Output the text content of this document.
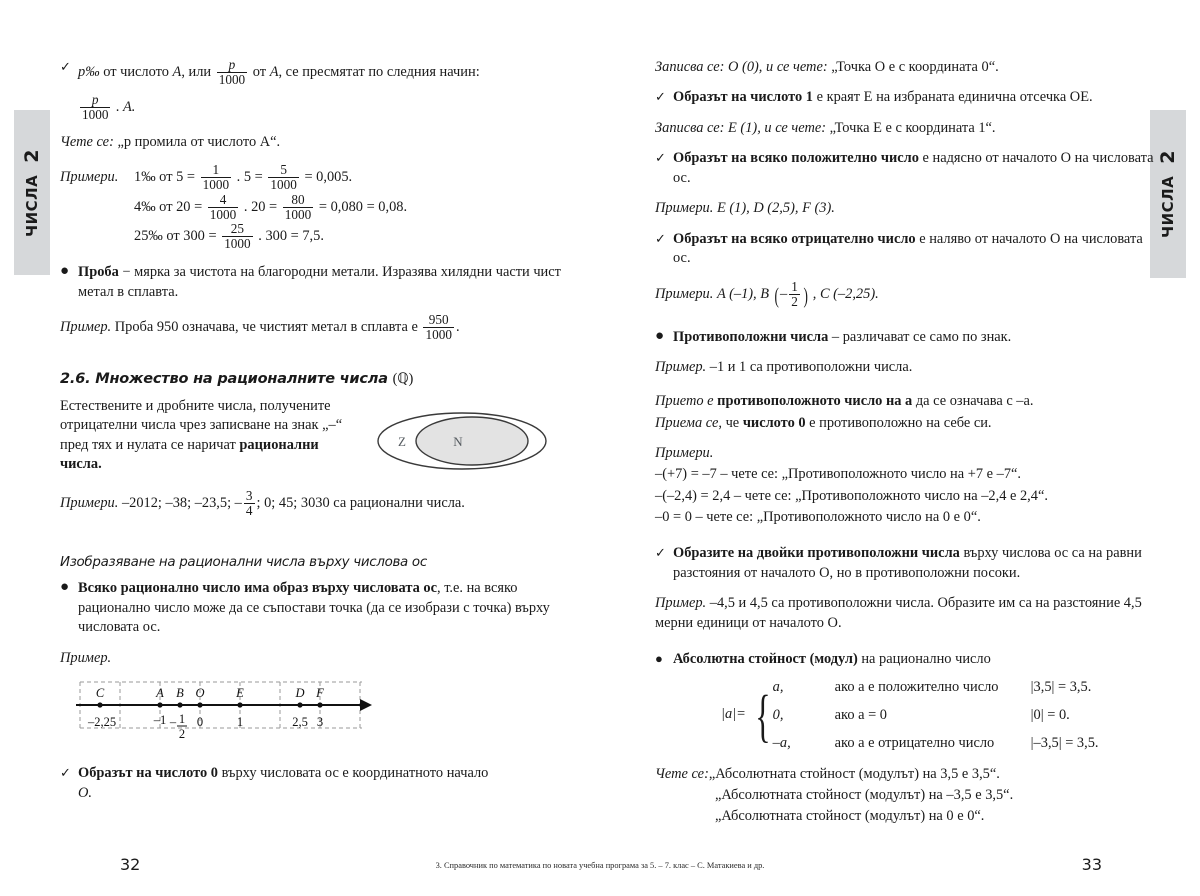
ЧИСЛА
2
ЧИСЛА
2
✓ p‰ от числото A, или $\frac{p}{1000}$ от A, се пресмятат по следния начин:
$\frac{p}{1000}$ . A.
Чете се: „p промила от числото A“.
Примери.	1‰ от $5 = \frac{1}{1000}$ . $5 = \frac{5}{1000} = 0,005$.
4‰ от $20 = \frac{4}{1000}$ . $20 = \frac{80}{1000} = 0,080 = 0,08$.
25‰ от $300 = \frac{25}{1000}$ . 300 = 7,5.
● Проба − мярка за чистота на благородни метали. Изразява хилядни части чист метал в сплавта.
Пример. Проба 950 означава, че чистият метал в сплавта е $\frac{950}{1000}$ .
2.6. Множество на рационалните числа (ℚ)
Естествените и дробните числа, получените отрицателни числа чрез записване на знак „–“ пред тях и нулата се наричат рационални числа.
Z	N
Примери. –2012; –38; –23,5; – $\frac{3}{4}$ ; 0; 45; 3030 са рационални числа.
Изобразяване на рационални числа върху числова ос
● Всяко рационално число има образ върху числовата ос, т.е. на всяко рационално число може да се съпостави точка (да се изобрази с точка) върху числовата ос.
Пример.
C	A B O	E	D F
–2,25	–1 0	1	2,5 3
– 1
2
✓ Образът на числото 0 върху числовата ос е координатното начало
O.
32
Записва се: O (0), и се чете: „Точка O е с координата 0“.
✓ Образът на числото 1 е краят E на избраната единична отсечка OE.
Записва се: E (1), и се чете: „Точка E е с координата 1“.
✓ Образът на всяко положително число е надясно от началото O на числовата ос.
Примери. E (1), D (2,5), F (3).
✓ Образът на всяко отрицателно число е наляво от началото O на числовата ос.
Примери. A (–1), B (– $\frac{1}{2}$ ) , C (–2,25).
● Противоположни числа – различават се само по знак.
Пример. –1 и 1 са противоположни числа.
Прието е противоположното число на a да се означава с –a.
Приема се, че числото 0 е противоположно на себе си.
Примери.
–(+7) = –7 – чете се: „Противоположното число на +7 е –7“.
–(–2,4) = 2,4 – чете се: „Противоположното число на –2,4 е 2,4“.
–0 = 0 – чете се: „Противоположното число на 0 е 0“.
✓ Образите на двойки противоположни числа върху числова ос са на равни разстояния от началото O, но в противоположни посоки.
Пример. –4,5 и 4,5 са противоположни числа. Образите им са на разстояние 4,5 мерни единици от началото O.
● Абсолютна стойност (модул) на рационално число
|a|= { a,	ако a е положително число	|3,5| = 3,5.
0,	ако a = 0	|0| = 0.
–a,	ако a е отрицателно число	|–3,5| = 3,5.
Чете се:„Абсолютната стойност (модулът) на 3,5 е 3,5“.
„Абсолютната стойност (модулът) на –3,5 е 3,5“.
„Абсолютната стойност (модулът) на 0 е 0“.
33
3. Справочник по математика по новата учебна програма за 5. – 7. клас – С. Матакиева и др.
